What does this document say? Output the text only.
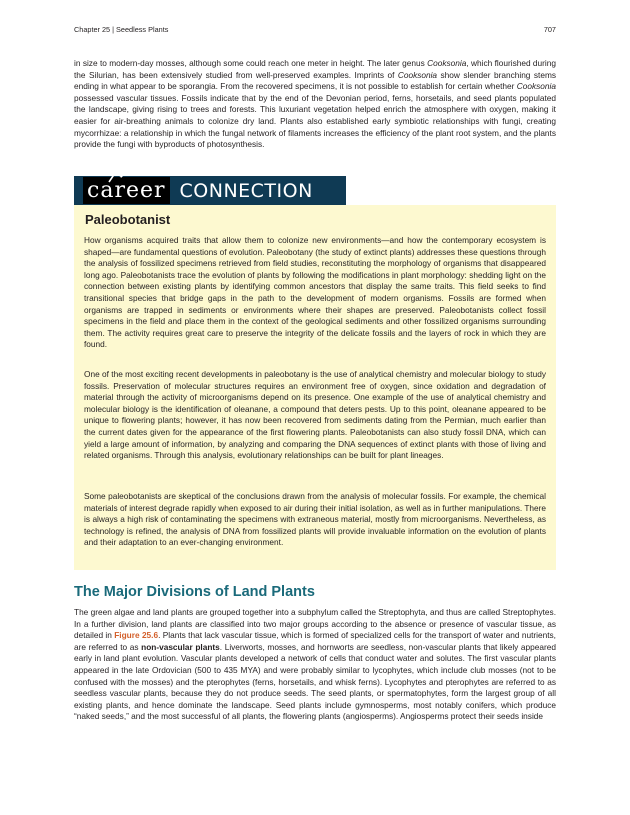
Chapter 25 | Seedless Plants	707

in size to modern-day mosses, although some could reach one meter in height. The later genus Cooksonia, which flourished during the Silurian, has been extensively studied from well-preserved examples. Imprints of Cooksonia show slender branching stems ending in what appear to be sporangia. From the recovered specimens, it is not possible to establish for certain whether Cooksonia possessed vascular tissues. Fossils indicate that by the end of the Devonian period, ferns, horsetails, and seed plants populated the landscape, giving rising to trees and forests. This luxuriant vegetation helped enrich the atmosphere with oxygen, making it easier for air-breathing animals to colonize dry land. Plants also established early symbiotic relationships with fungi, creating mycorrhizae: a relationship in which the fungal network of filaments increases the efficiency of the plant root system, and the plants provide the fungi with byproducts of photosynthesis.

career CONNECTION
Paleobotanist

How organisms acquired traits that allow them to colonize new environments—and how the contemporary ecosystem is shaped—are fundamental questions of evolution. Paleobotany (the study of extinct plants) addresses these questions through the analysis of fossilized specimens retrieved from field studies, reconstituting the morphology of organisms that disappeared long ago. Paleobotanists trace the evolution of plants by following the modifications in plant morphology: shedding light on the connection between existing plants by identifying common ancestors that display the same traits. This field seeks to find transitional species that bridge gaps in the path to the development of modern organisms. Fossils are formed when organisms are trapped in sediments or environments where their shapes are preserved. Paleobotanists collect fossil specimens in the field and place them in the context of the geological sediments and other fossilized organisms surrounding them. The activity requires great care to preserve the integrity of the delicate fossils and the layers of rock in which they are found.

One of the most exciting recent developments in paleobotany is the use of analytical chemistry and molecular biology to study fossils. Preservation of molecular structures requires an environment free of oxygen, since oxidation and degradation of material through the activity of microorganisms depend on its presence. One example of the use of analytical chemistry and molecular biology is the identification of oleanane, a compound that deters pests. Up to this point, oleanane appeared to be unique to flowering plants; however, it has now been recovered from sediments dating from the Permian, much earlier than the current dates given for the appearance of the first flowering plants. Paleobotanists can also study fossil DNA, which can yield a large amount of information, by analyzing and comparing the DNA sequences of extinct plants with those of living and related organisms. Through this analysis, evolutionary relationships can be built for plant lineages.

Some paleobotanists are skeptical of the conclusions drawn from the analysis of molecular fossils. For example, the chemical materials of interest degrade rapidly when exposed to air during their initial isolation, as well as in further manipulations. There is always a high risk of contaminating the specimens with extraneous material, mostly from microorganisms. Nevertheless, as technology is refined, the analysis of DNA from fossilized plants will provide invaluable information on the evolution of plants and their adaptation to an ever-changing environment.

The Major Divisions of Land Plants

The green algae and land plants are grouped together into a subphylum called the Streptophyta, and thus are called Streptophytes. In a further division, land plants are classified into two major groups according to the absence or presence of vascular tissue, as detailed in Figure 25.6. Plants that lack vascular tissue, which is formed of specialized cells for the transport of water and nutrients, are referred to as non-vascular plants. Liverworts, mosses, and hornworts are seedless, non-vascular plants that likely appeared early in land plant evolution. Vascular plants developed a network of cells that conduct water and solutes. The first vascular plants appeared in the late Ordovician (500 to 435 MYA) and were probably similar to lycophytes, which include club mosses (not to be confused with the mosses) and the pterophytes (ferns, horsetails, and whisk ferns). Lycophytes and pterophytes are referred to as seedless vascular plants, because they do not produce seeds. The seed plants, or spermatophytes, form the largest group of all existing plants, and hence dominate the landscape. Seed plants include gymnosperms, most notably conifers, which produce “naked seeds,” and the most successful of all plants, the flowering plants (angiosperms). Angiosperms protect their seeds inside
